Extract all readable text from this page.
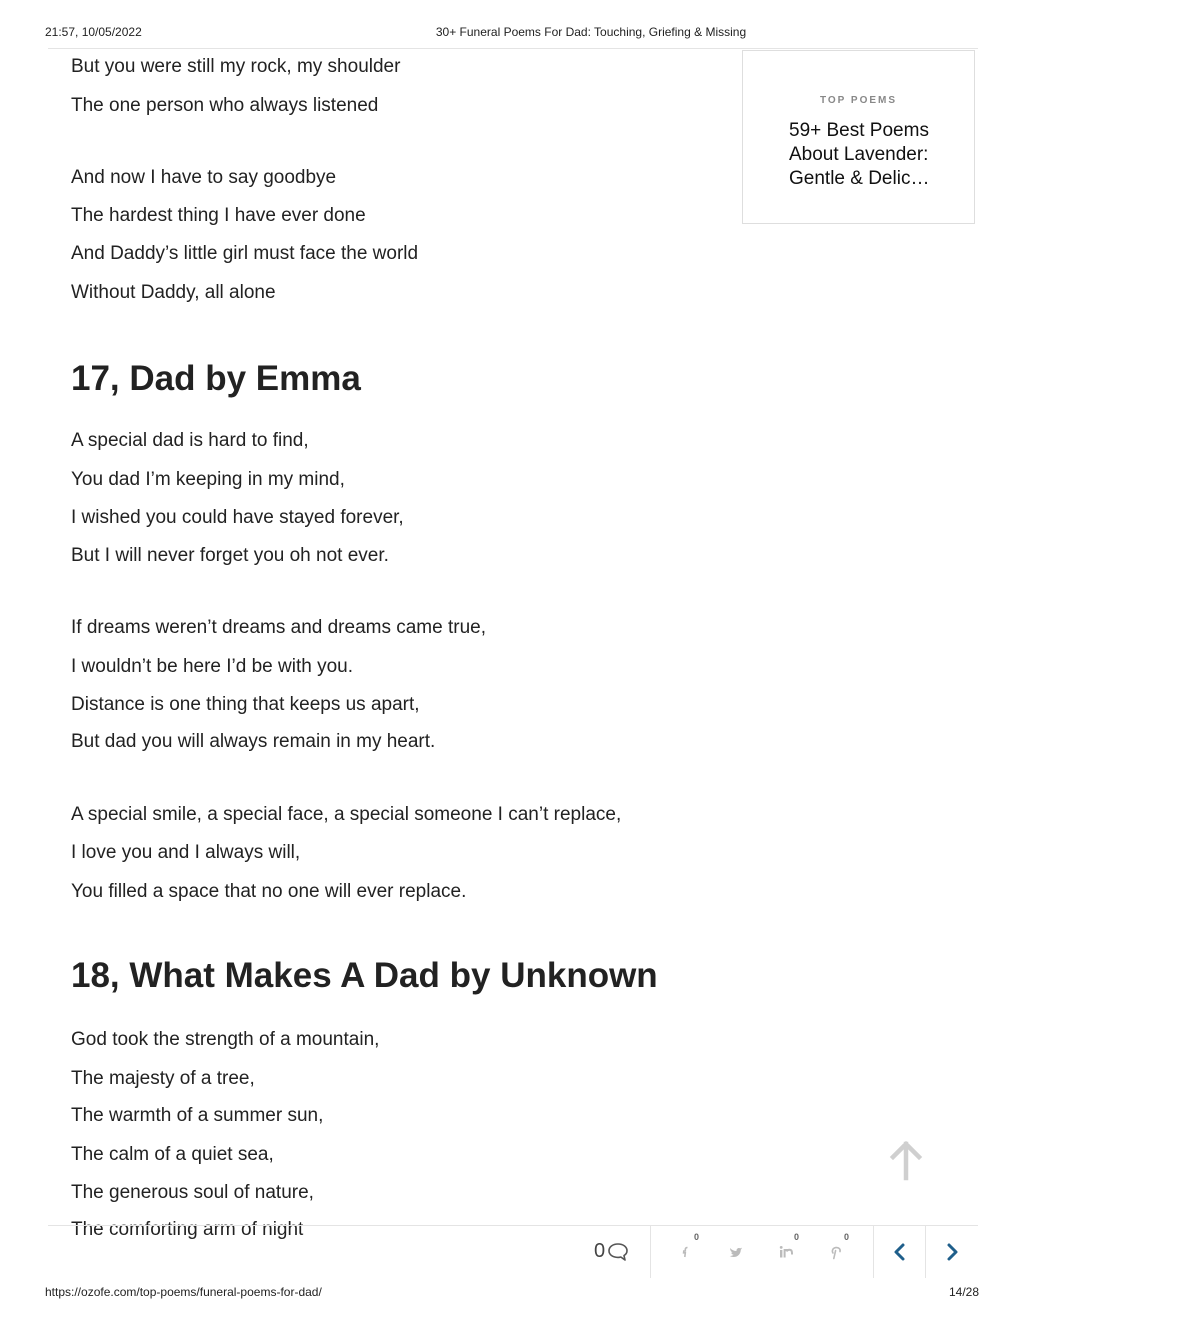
21:57, 10/05/2022	30+ Funeral Poems For Dad: Touching, Griefing & Missing
But you were still my rock, my shoulder
The one person who always listened
And now I have to say goodbye
The hardest thing I have ever done
And Daddy’s little girl must face the world
Without Daddy, all alone
17, Dad by Emma
A special dad is hard to find,
You dad I’m keeping in my mind,
I wished you could have stayed forever,
But I will never forget you oh not ever.
If dreams weren’t dreams and dreams came true,
I wouldn’t be here I’d be with you.
Distance is one thing that keeps us apart,
But dad you will always remain in my heart.
A special smile, a special face, a special someone I can’t replace,
I love you and I always will,
You filled a space that no one will ever replace.
18, What Makes A Dad by Unknown
God took the strength of a mountain,
The majesty of a tree,
The warmth of a summer sun,
The calm of a quiet sea,
The generous soul of nature,
The comforting arm of night
TOP POEMS
59+ Best Poems About Lavender: Gentle & Delic…
0
0	0	0
https://ozofe.com/top-poems/funeral-poems-for-dad/	14/28
